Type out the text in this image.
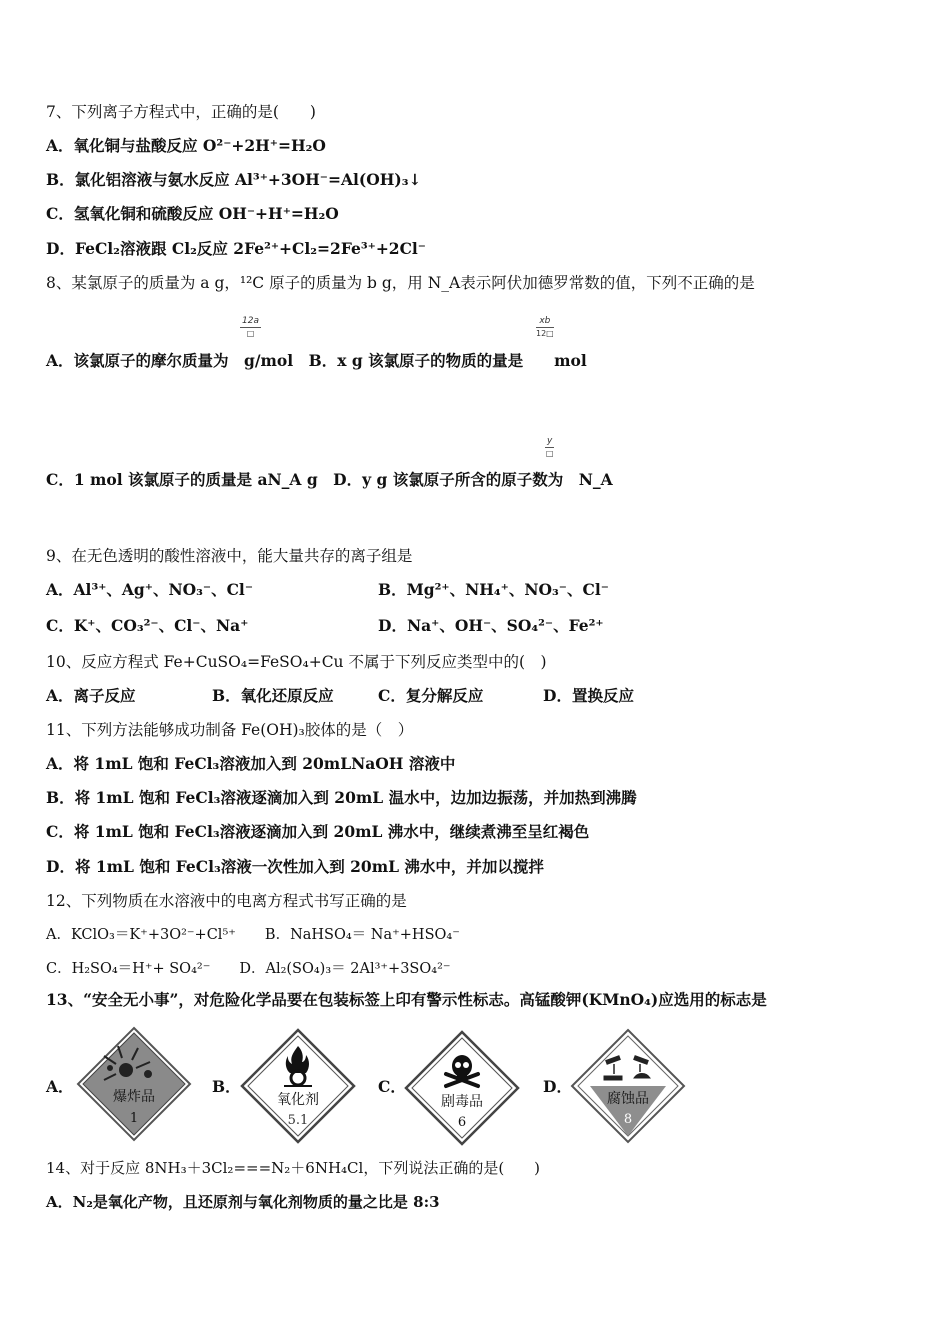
7、下列离子方程式中，正确的是(　　)
A．氧化铜与盐酸反应 O²⁻+2H⁺=H₂O
B．氯化铝溶液与氨水反应 Al³⁺+3OH⁻=Al(OH)₃↓
C．氢氧化铜和硫酸反应 OH⁻+H⁺=H₂O
D．FeCl₂溶液跟 Cl₂反应 2Fe²⁺+Cl₂=2Fe³⁺+2Cl⁻
8、某氯原子的质量为 a g，¹²C 原子的质量为 b g，用 N_A表示阿伏加德罗常数的值，下列不正确的是
12a
□	$\frac{xb}{12□}$
A．该氯原子的摩尔质量为　g/mol　B．x g 该氯原子的物质的量是　　mol
y
□
C．1 mol 该氯原子的质量是 aN_A g　D．y g 该氯原子所含的原子数为　N_A
9、在无色透明的酸性溶液中，能大量共存的离子组是
A．Al³⁺、Ag⁺、NO₃⁻、Cl⁻	B．Mg²⁺、NH₄⁺、NO₃⁻、Cl⁻
C．K⁺、CO₃²⁻、Cl⁻、Na⁺	D．Na⁺、OH⁻、SO₄²⁻、Fe²⁺
10、反应方程式 Fe+CuSO₄=FeSO₄+Cu 不属于下列反应类型中的(　)
A．离子反应	B．氧化还原反应	C．复分解反应	D．置换反应
11、下列方法能够成功制备 Fe(OH)₃胶体的是（　）
A．将 1mL 饱和 FeCl₃溶液加入到 20mLNaOH 溶液中
B．将 1mL 饱和 FeCl₃溶液逐滴加入到 20mL 温水中，边加边振荡，并加热到沸腾
C．将 1mL 饱和 FeCl₃溶液逐滴加入到 20mL 沸水中，继续煮沸至呈红褐色
D．将 1mL 饱和 FeCl₃溶液一次性加入到 20mL 沸水中，并加以搅拌
12、下列物质在水溶液中的电离方程式书写正确的是
A．KClO₃＝K⁺+3O²⁻+Cl⁵⁺　　B．NaHSO₄＝ Na⁺+HSO₄⁻
C．H₂SO₄＝H⁺+ SO₄²⁻　　D．Al₂(SO₄)₃＝ 2Al³⁺+3SO₄²⁻
13、“安全无小事”，对危险化学品要在包装标签上印有警示性标志。高锰酸钾(KMnO₄)应选用的标志是
A．
爆炸品
1
B．
氧化剂
5.1
C．
剧毒品
6
D．
腐蚀品
8
14、对于反应 8NH₃＋3Cl₂===N₂＋6NH₄Cl，下列说法正确的是(　　)
A．N₂是氧化产物，且还原剂与氧化剂物质的量之比是 8:3
